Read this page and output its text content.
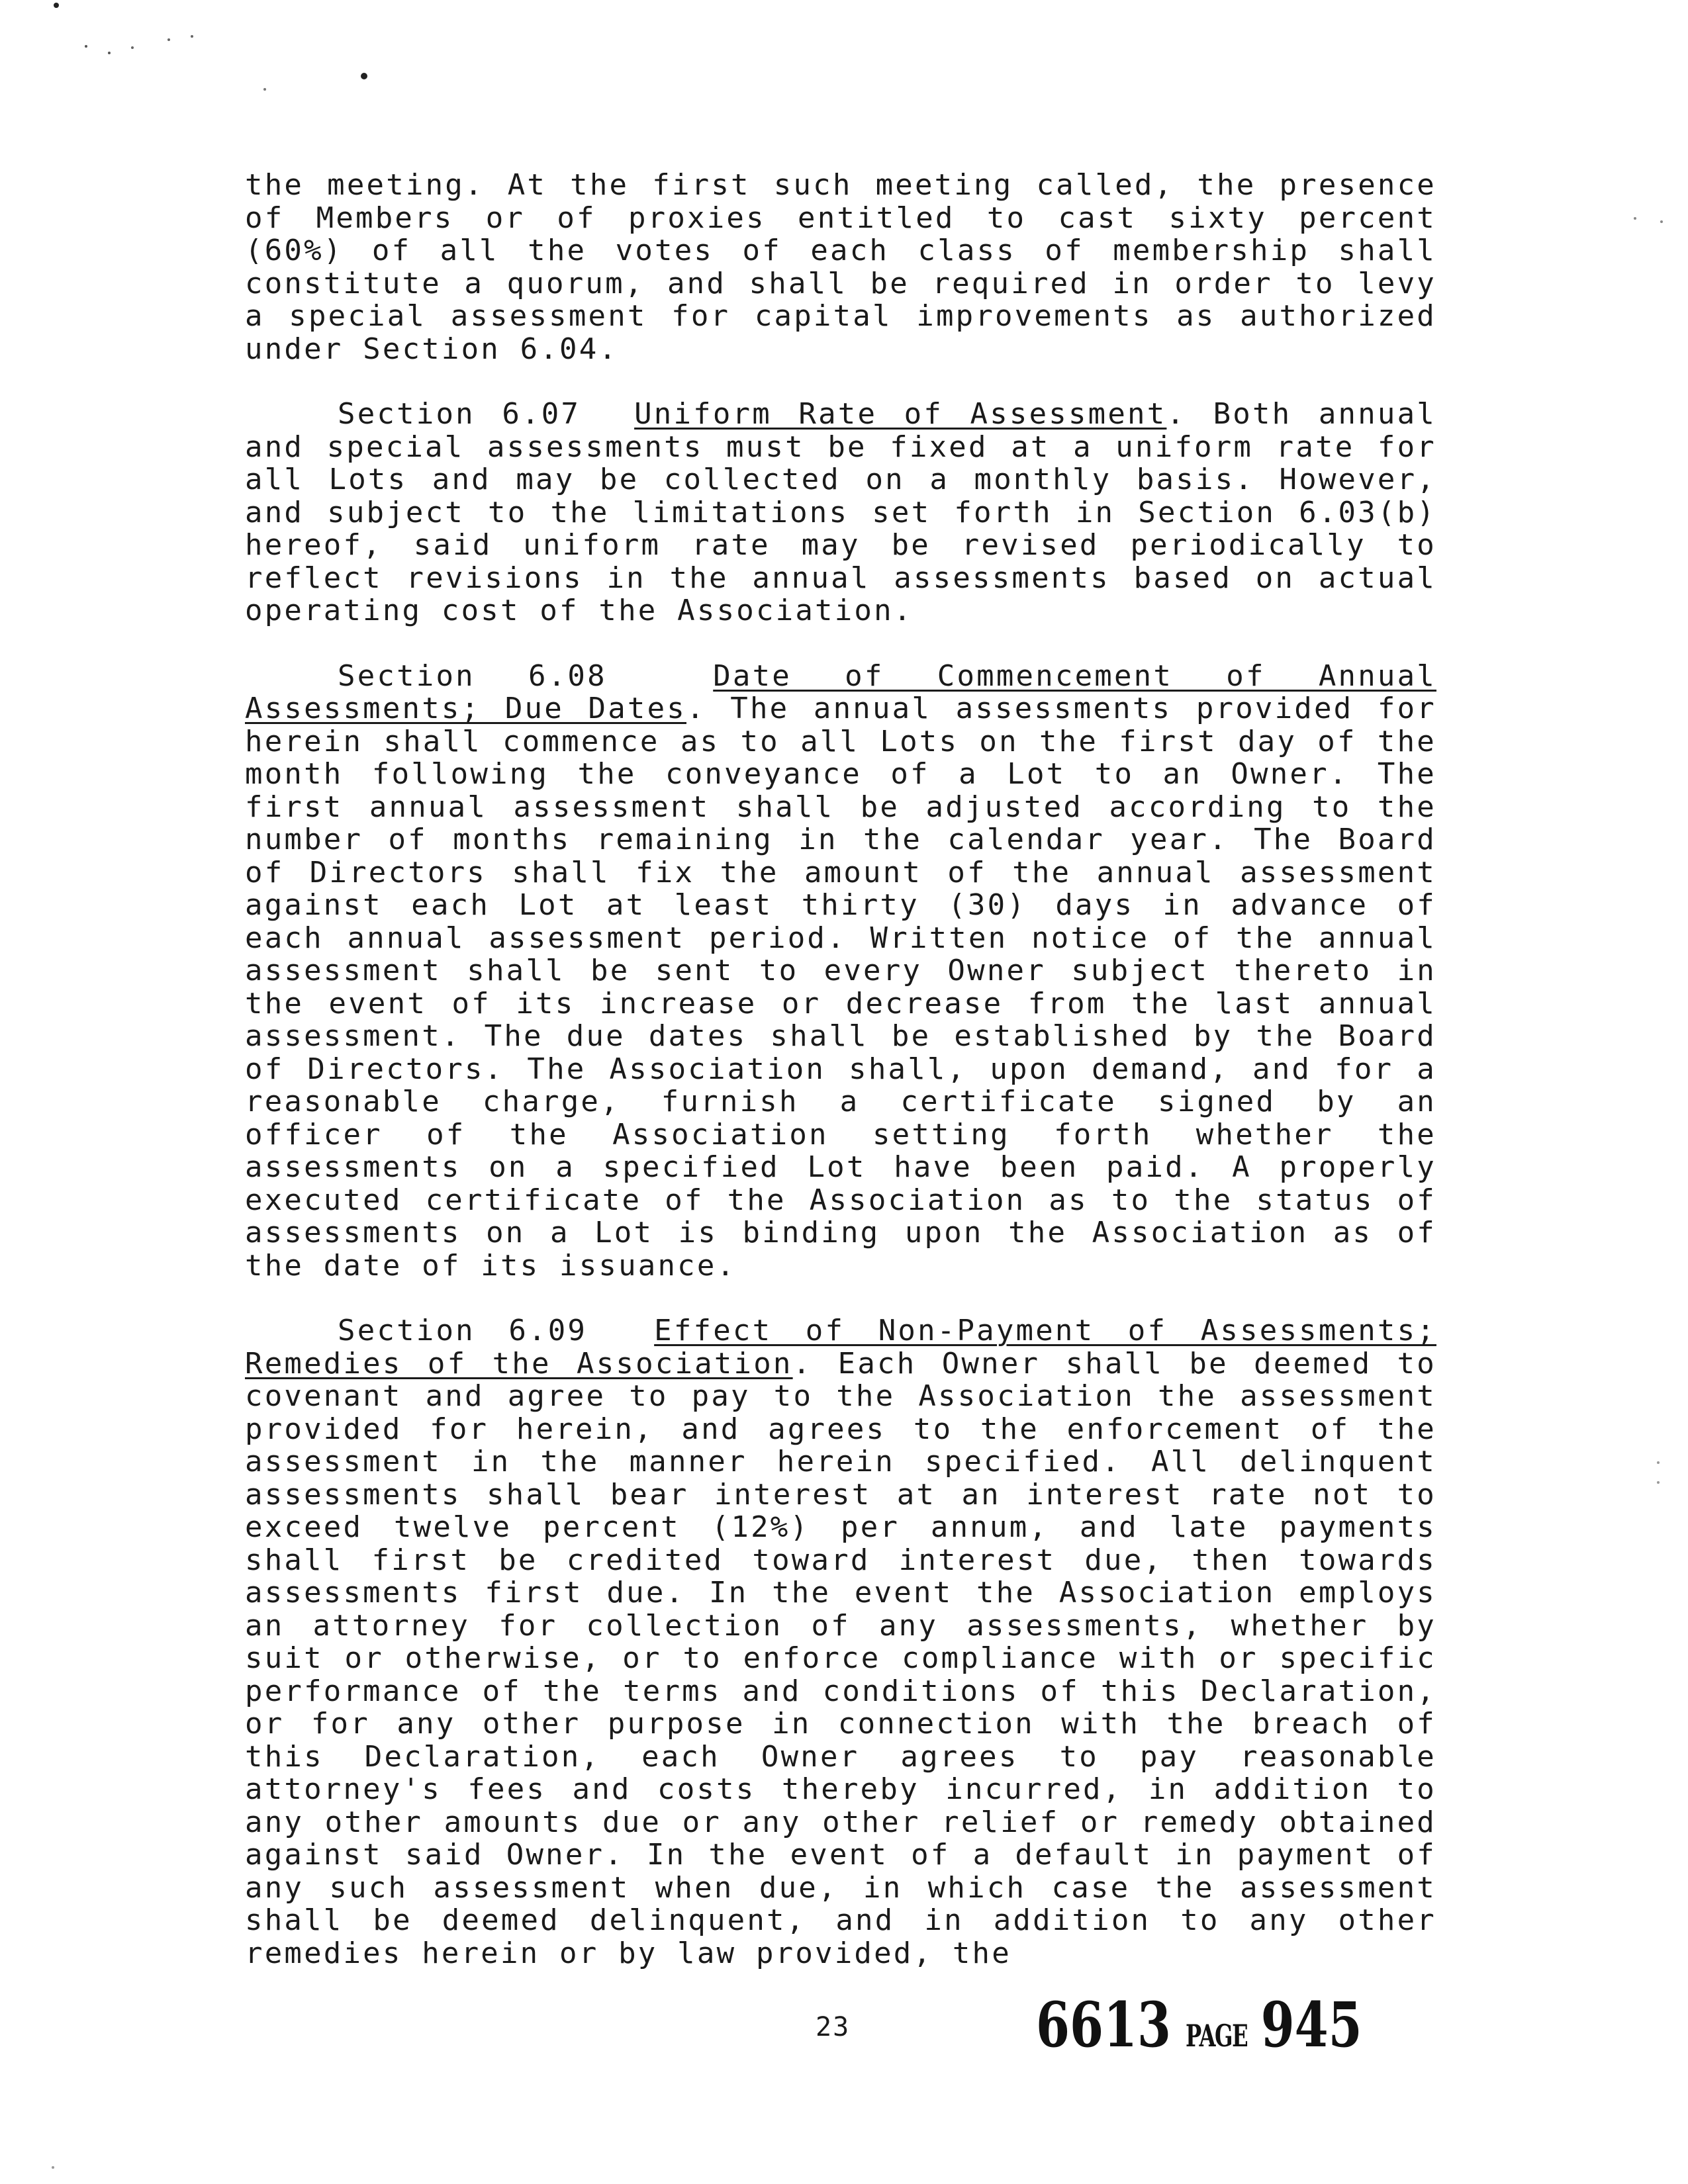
the meeting. At the first such meeting called, the presence of Members or of proxies entitled to cast sixty percent (60%) of all the votes of each class of membership shall constitute a quorum, and shall be required in order to levy a special assessment for capital improvements as authorized under Section 6.04.

Section 6.07 Uniform Rate of Assessment. Both annual and special assessments must be fixed at a uniform rate for all Lots and may be collected on a monthly basis. However, and subject to the limitations set forth in Section 6.03(b) hereof, said uniform rate may be revised periodically to reflect revisions in the annual assessments based on actual operating cost of the Association.

Section 6.08	Date of Commencement of Annual Assessments; Due Dates. The annual assessments provided for herein shall commence as to all Lots on the first day of the month following the conveyance of a Lot to an Owner. The first annual assessment shall be adjusted according to the number of months remaining in the calendar year. The Board of Directors shall fix the amount of the annual assessment against each Lot at least thirty (30) days in advance of each annual assessment period. Written notice of the annual assessment shall be sent to every Owner subject thereto in the event of its increase or decrease from the last annual assessment. The due dates shall be established by the Board of Directors. The Association shall, upon demand, and for a reasonable charge, furnish a certificate signed by an officer of the Association setting forth whether the assessments on a specified Lot have been paid. A properly executed certificate of the Association as to the status of assessments on a Lot is binding upon the Association as of the date of its issuance.

Section 6.09 Effect of Non-Payment of Assessments; Remedies of the Association. Each Owner shall be deemed to covenant and agree to pay to the Association the assessment provided for herein, and agrees to the enforcement of the assessment in the manner herein specified. All delinquent assessments shall bear interest at an interest rate not to exceed twelve percent (12%) per annum, and late payments shall first be credited toward interest due, then towards assessments first due. In the event the Association employs an attorney for collection of any assessments, whether by suit or otherwise, or to enforce compliance with or specific performance of the terms and conditions of this Declaration, or for any other purpose in connection with the breach of this Declaration, each Owner agrees to pay reasonable attorney's fees and costs thereby incurred, in addition to any other amounts due or any other relief or remedy obtained against said Owner. In the event of a default in payment of any such assessment when due, in which case the assessment shall be deemed delinquent, and in addition to any other remedies herein or by law provided, the

23	6613 PAGE 945
